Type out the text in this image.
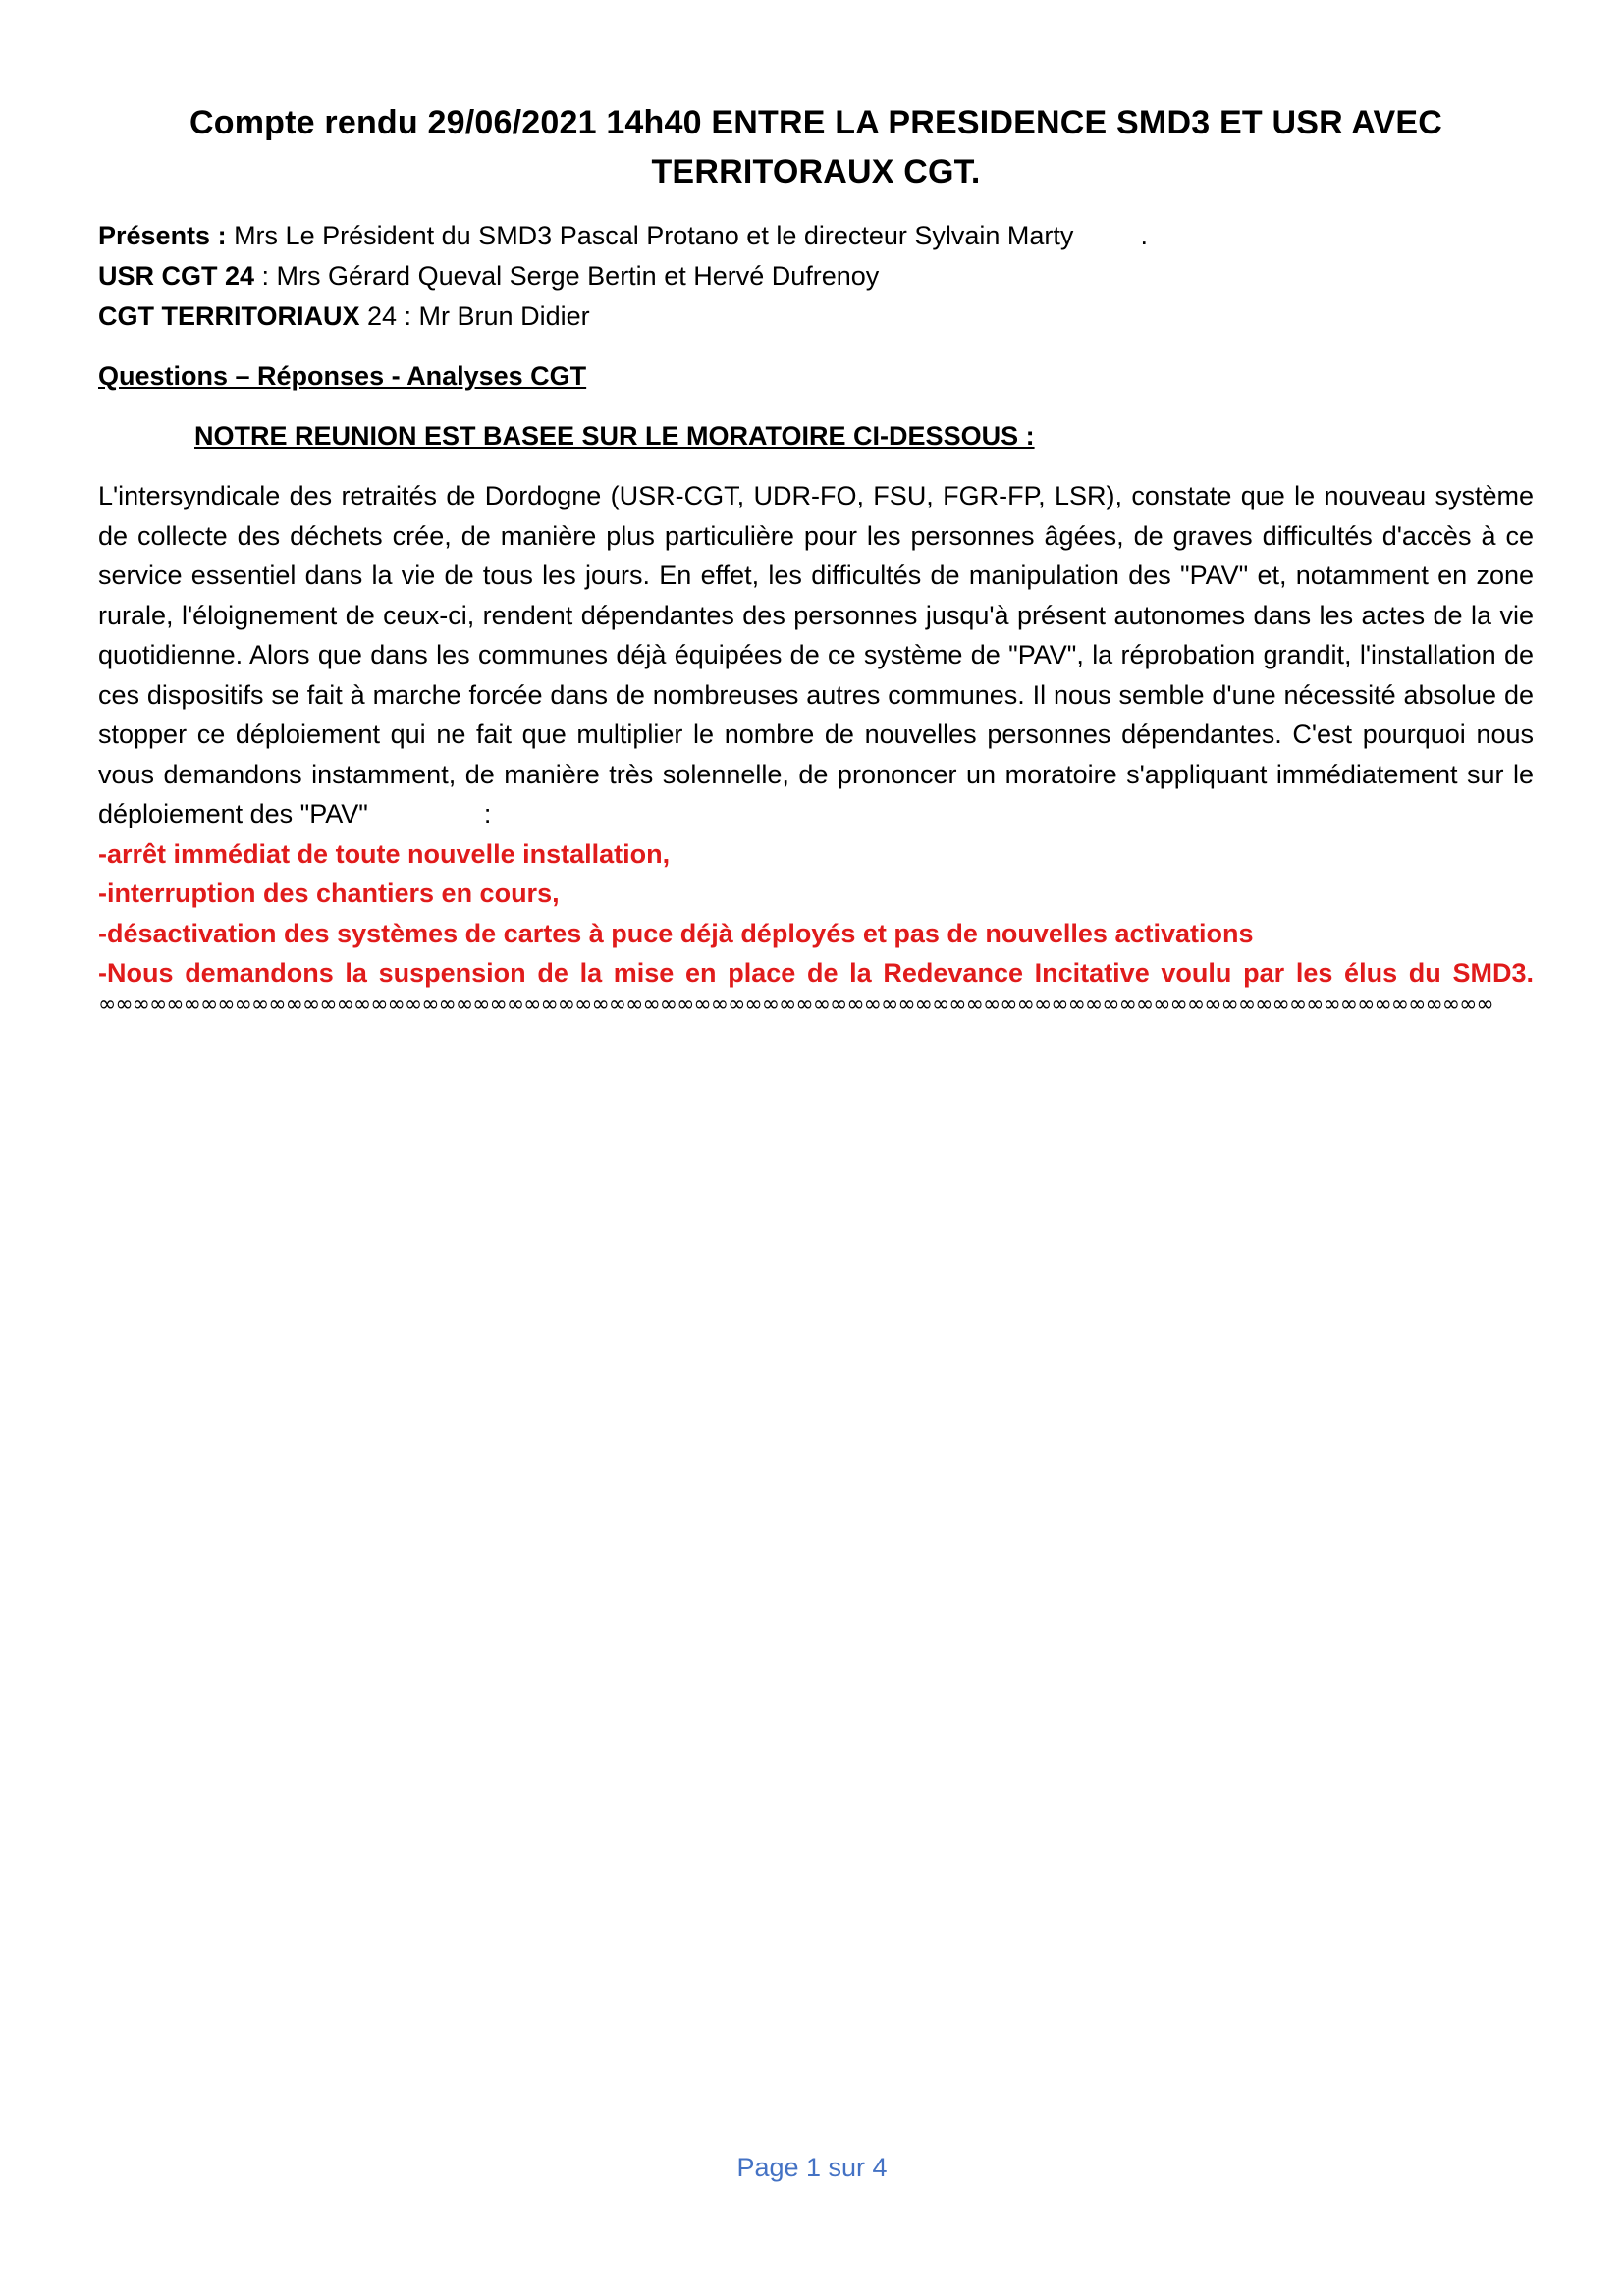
Compte rendu 29/06/2021 14h40 ENTRE LA PRESIDENCE SMD3 ET USR AVEC
TERRITORAUX CGT.

Présents : Mrs Le Président du SMD3 Pascal Protano et le directeur Sylvain Marty	.

USR CGT 24 : Mrs Gérard Queval Serge Bertin et Hervé Dufrenoy

CGT TERRITORIAUX 24 : Mr Brun Didier

Questions – Réponses - Analyses CGT
NOTRE REUNION EST BASEE SUR LE MORATOIRE CI-DESSOUS :

L'intersyndicale des retraités de Dordogne (USR-CGT, UDR-FO, FSU, FGR-FP, LSR), constate que le nouveau système de collecte des déchets crée, de manière plus particulière pour les personnes âgées, de graves difficultés d'accès à ce service essentiel dans la vie de tous les jours. En effet, les difficultés de manipulation des "PAV" et, notamment en zone rurale, l'éloignement de ceux-ci, rendent dépendantes des personnes jusqu'à présent autonomes dans les actes de la vie quotidienne. Alors que dans les communes déjà équipées de ce système de "PAV", la réprobation grandit, l'installation de ces dispositifs se fait à marche forcée dans de nombreuses autres communes. Il nous semble d'une nécessité absolue de stopper ce déploiement qui ne fait que multiplier le nombre de nouvelles personnes dépendantes. C'est pourquoi nous vous demandons instamment, de manière très solennelle, de prononcer un moratoire s'appliquant immédiatement sur le déploiement des "PAV"	:

-arrêt immédiat de toute nouvelle installation,

-interruption des chantiers en cours,

-désactivation des systèmes de cartes à puce déjà déployés et pas de nouvelles activations

-Nous demandons la suspension de la mise en place de la Redevance Incitative voulu par les élus du SMD3.

∞∞∞∞∞∞∞∞∞∞∞∞∞∞∞∞∞∞∞∞∞∞∞∞∞∞∞∞∞∞∞∞∞∞∞∞∞∞∞∞∞∞∞∞∞∞∞∞∞∞∞∞∞∞∞∞∞∞∞∞∞∞∞∞∞∞∞∞∞∞∞∞∞∞∞∞∞∞∞∞∞∞
Page 1 sur 4
